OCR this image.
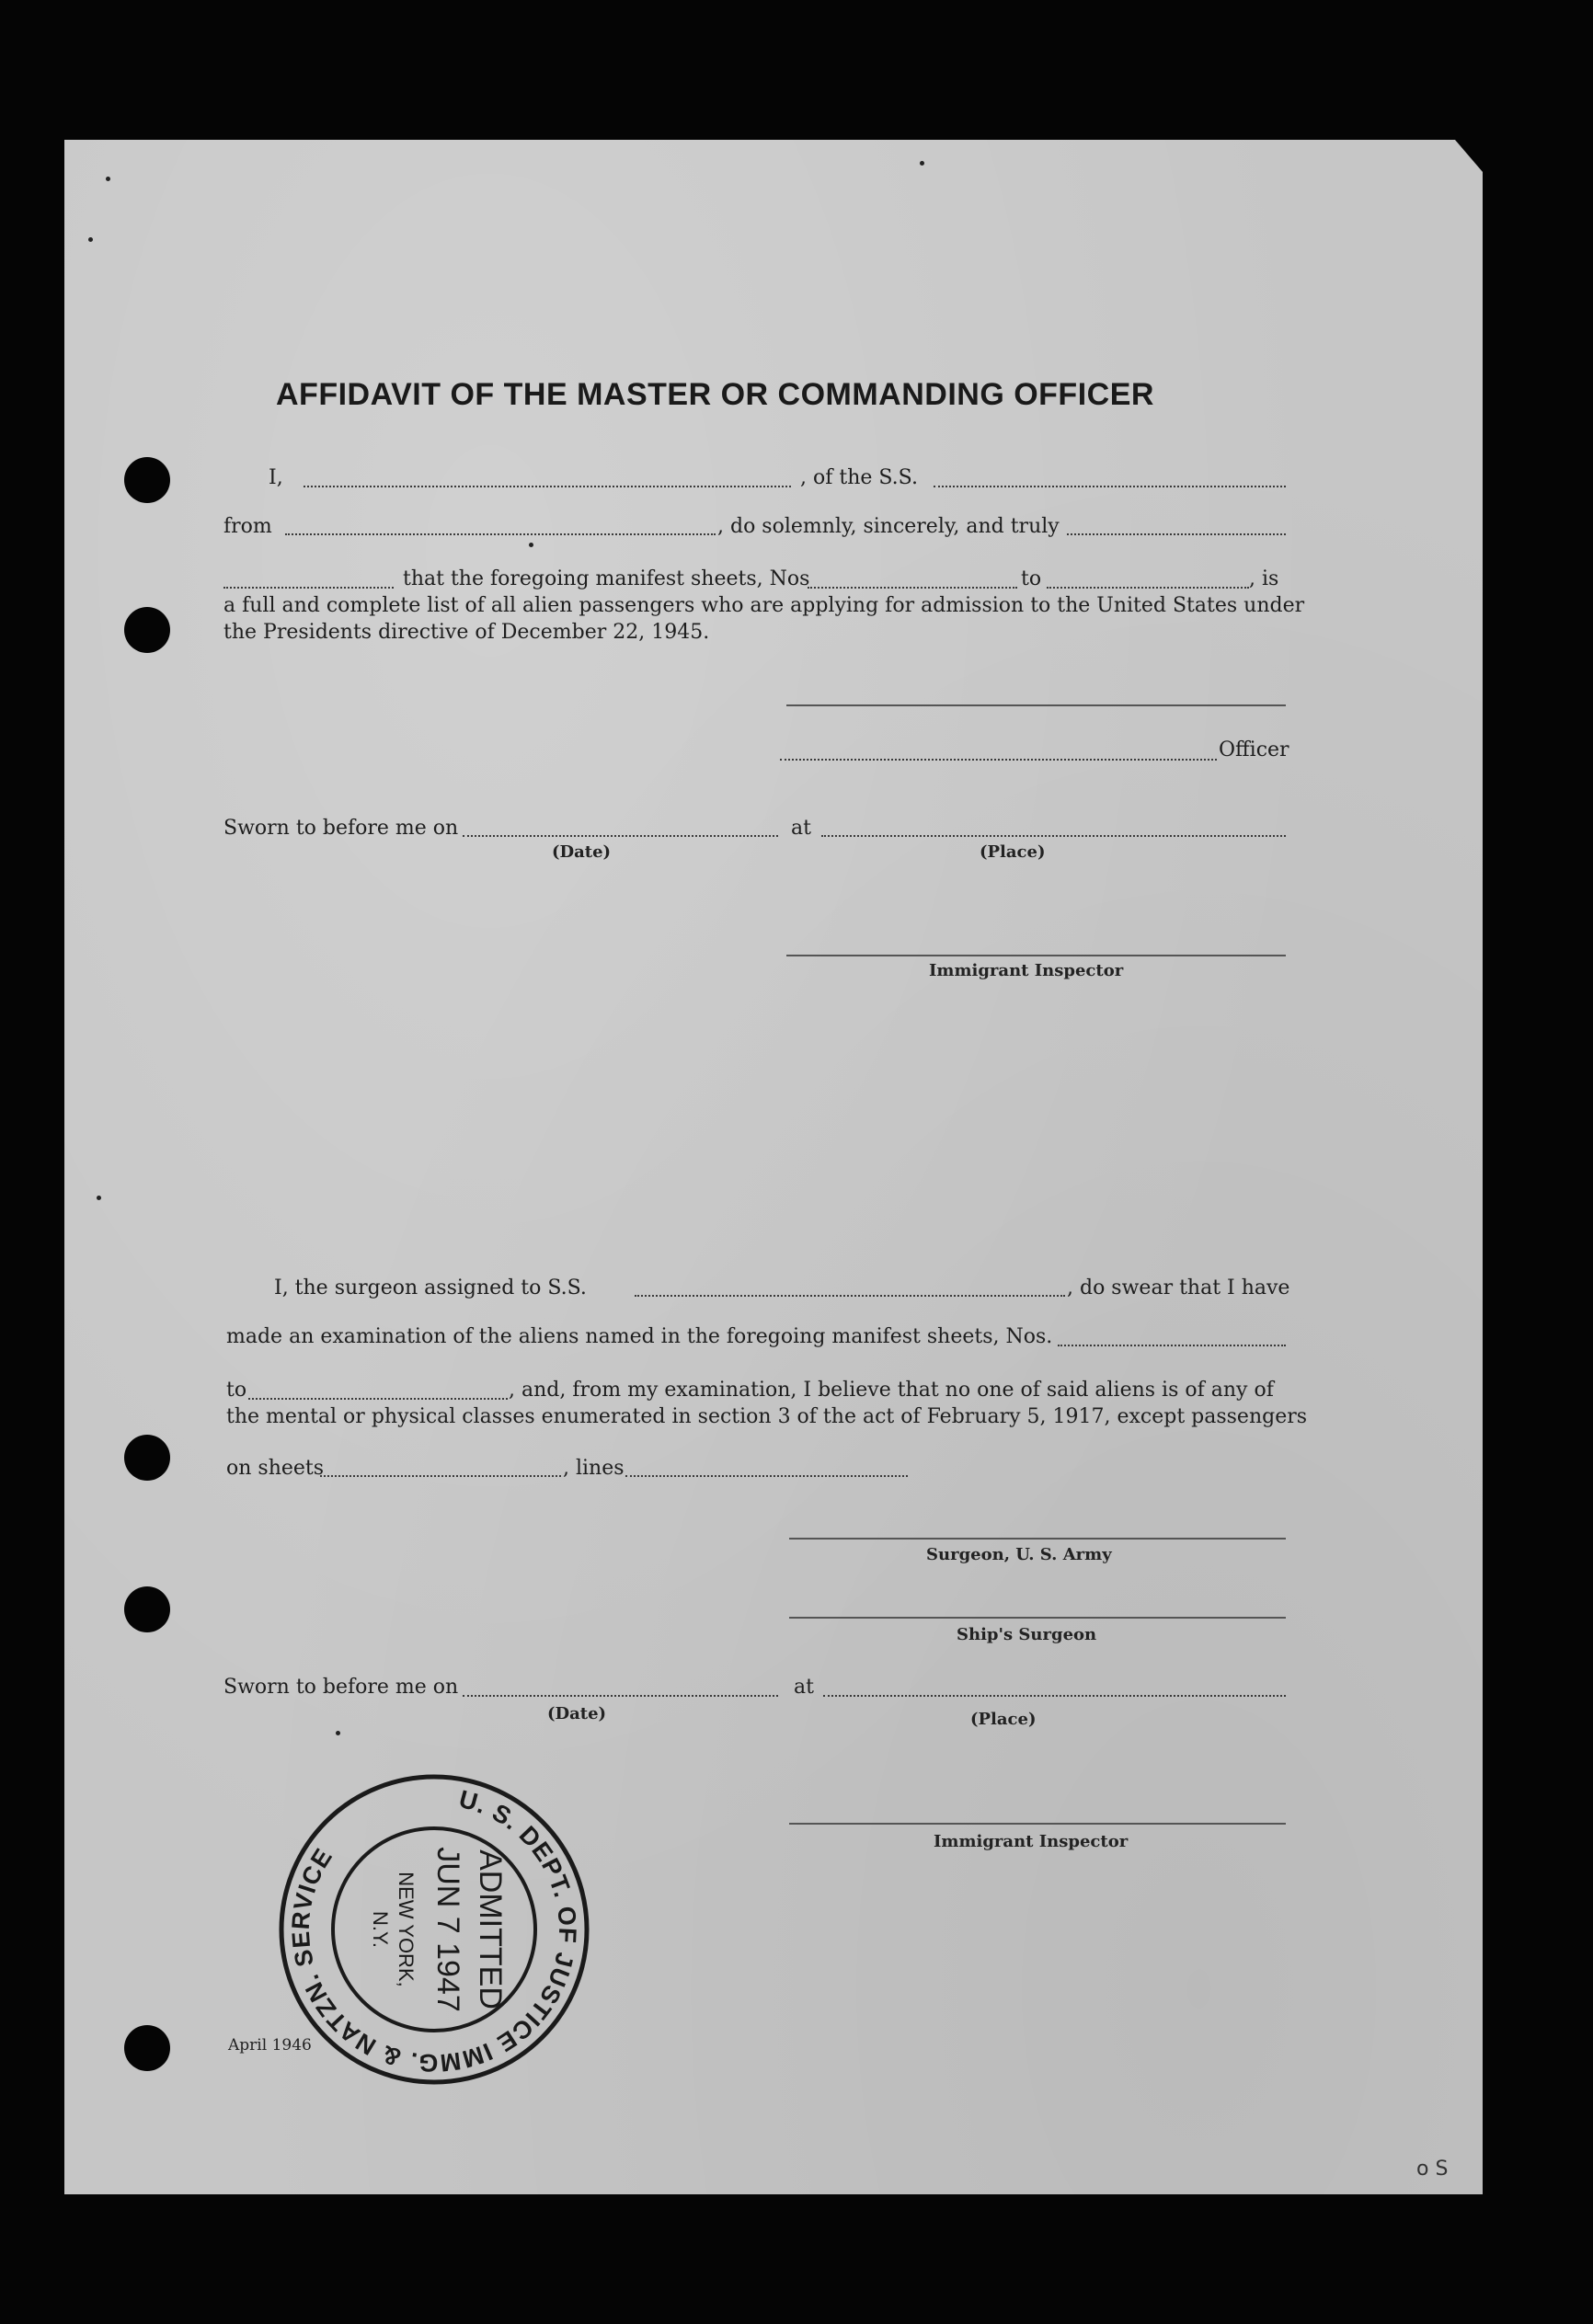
AFFIDAVIT OF THE MASTER OR COMMANDING OFFICER
I,	, of the S.S.
from	, do solemnly, sincerely, and truly
that the foregoing manifest sheets, Nos	to	, is
a full and complete list of all alien passengers who are applying for admission to the United States under
the Presidents directive of December 22, 1945.
Officer
Sworn to before me on	at
(Date)	(Place)
Immigrant Inspector
I, the surgeon assigned to S.S.	, do swear that I have
made an examination of the aliens named in the foregoing manifest sheets, Nos.
to	, and, from my examination, I believe that no one of said aliens is of any of
the mental or physical classes enumerated in section 3 of the act of February 5, 1917, except passengers
on sheets	, lines
Surgeon, U. S. Army
Ship's Surgeon
Sworn to before me on	at
(Date)	(Place)
Immigrant Inspector
U. S. DEPT. OF JUSTICE IMMG. & NATZN. SERVICE	ADMITTED
JUN 7 1947
NEW YORK,
N.Y.
April 1946
o S
